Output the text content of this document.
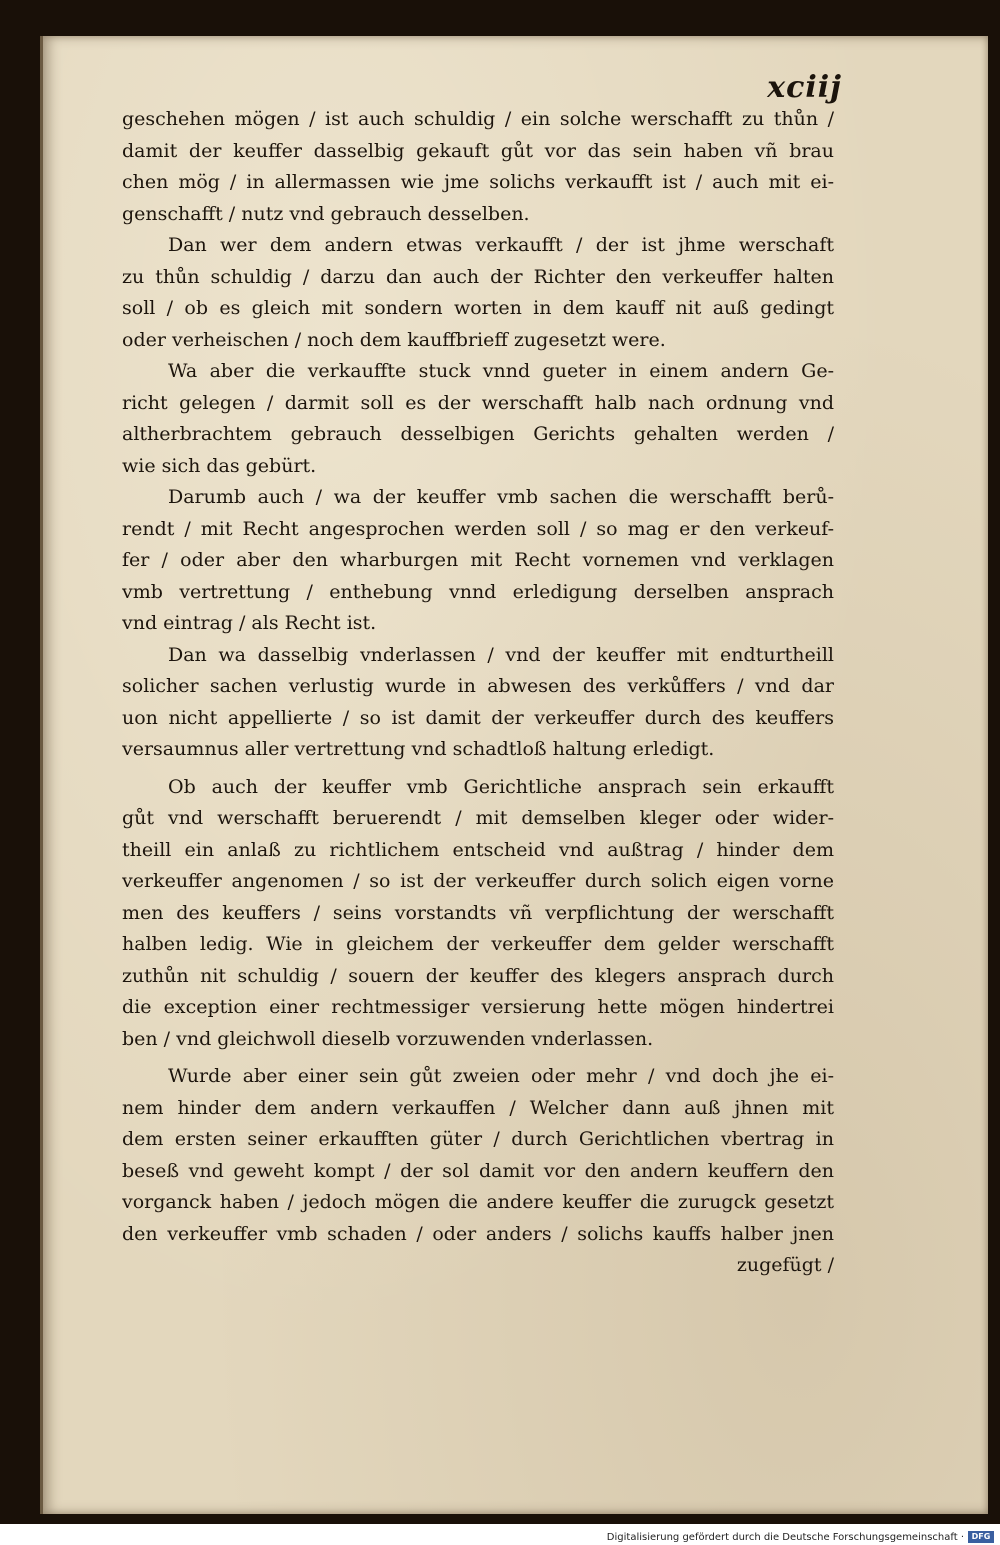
xciij
geschehen mögen / ist auch schuldig / ein solche werschafft zu thůn /
damit der keuffer dasselbig gekauft gůt vor das sein haben vñ brau
chen mög / in allermassen wie jme solichs verkaufft ist / auch mit ei-
genschafft / nutz vnd gebrauch desselben.
Dan wer dem andern etwas verkaufft / der ist jhme werschaft
zu thůn schuldig / darzu dan auch der Richter den verkeuffer halten
soll / ob es gleich mit sondern worten in dem kauff nit auß gedingt
oder verheischen / noch dem kauffbrieff zugesetzt were.
Wa aber die verkauffte stuck vnnd gueter in einem andern Ge-
richt gelegen / darmit soll es der werschafft halb nach ordnung vnd
altherbrachtem gebrauch desselbigen Gerichts gehalten werden /
wie sich das gebürt.
Darumb auch / wa der keuffer vmb sachen die werschafft berů-
rendt / mit Recht angesprochen werden soll / so mag er den verkeuf-
fer / oder aber den wharburgen mit Recht vornemen vnd verklagen
vmb vertrettung / enthebung vnnd erledigung derselben ansprach
vnd eintrag / als Recht ist.
Dan wa dasselbig vnderlassen / vnd der keuffer mit endturtheill
solicher sachen verlustig wurde in abwesen des verkůffers / vnd dar
uon nicht appellierte / so ist damit der verkeuffer durch des keuffers
versaumnus aller vertrettung vnd schadtloß haltung erledigt.
Ob auch der keuffer vmb Gerichtliche ansprach sein erkaufft
gůt vnd werschafft beruerendt / mit demselben kleger oder wider-
theill ein anlaß zu richtlichem entscheid vnd außtrag / hinder dem
verkeuffer angenomen / so ist der verkeuffer durch solich eigen vorne
men des keuffers / seins vorstandts vñ verpflichtung der werschafft
halben ledig. Wie in gleichem der verkeuffer dem gelder werschafft
zuthůn nit schuldig / souern der keuffer des klegers ansprach durch
die exception einer rechtmessiger versierung hette mögen hindertrei
ben / vnd gleichwoll dieselb vorzuwenden vnderlassen.
Wurde aber einer sein gůt zweien oder mehr / vnd doch jhe ei-
nem hinder dem andern verkauffen / Welcher dann auß jhnen mit
dem ersten seiner erkaufften güter / durch Gerichtlichen vbertrag in
beseß vnd geweht kompt / der sol damit vor den andern keuffern den
vorganck haben / jedoch mögen die andere keuffer die zurugck gesetzt
den verkeuffer vmb schaden / oder anders / solichs kauffs halber jnen
zugefügt /
Digitalisierung gefördert durch die Deutsche Forschungsgemeinschaft · DFG
